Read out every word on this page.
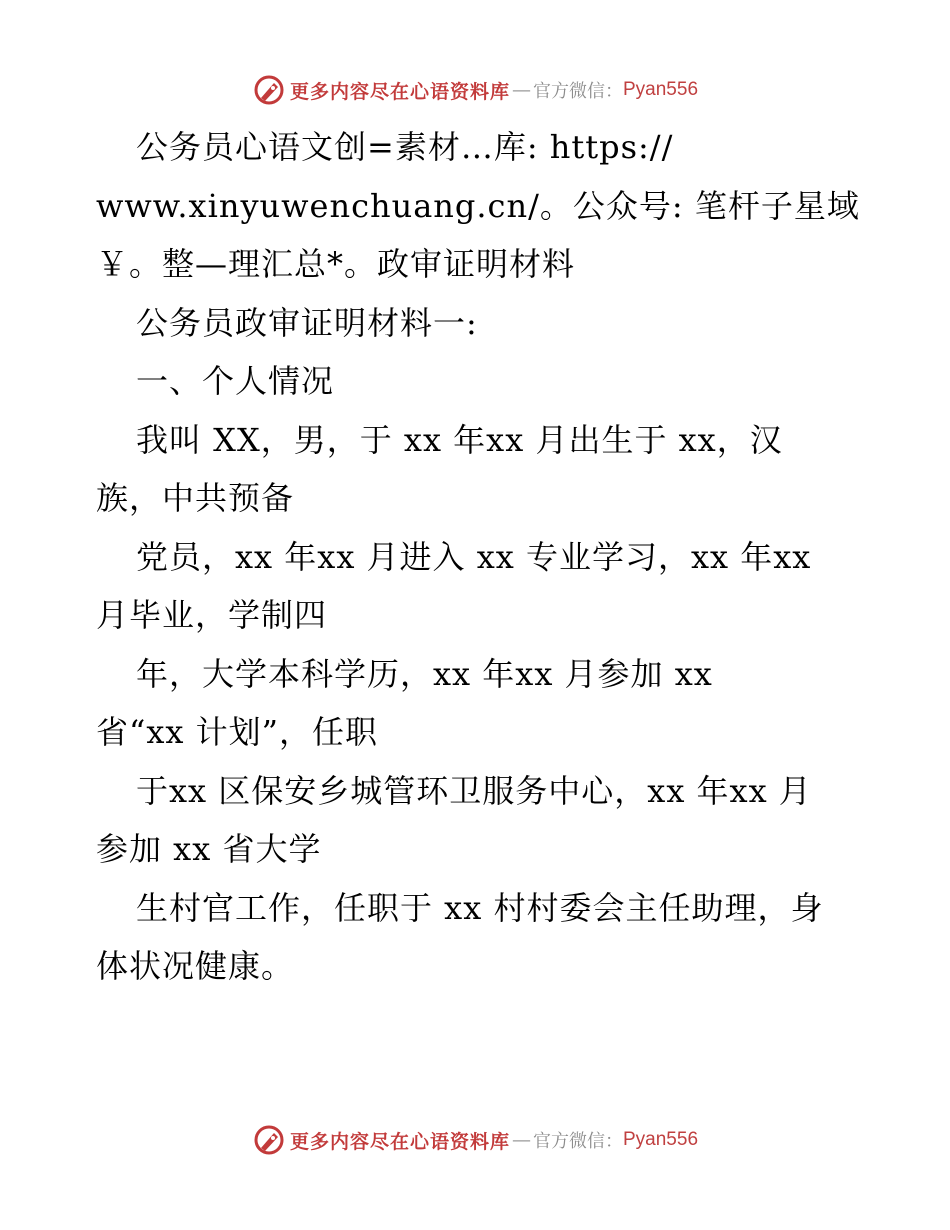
更多内容尽在心语资料库 — 官方微信： Pyan556
公务员心语文创=素材…库: https://
www.xinyuwenchuang.cn/。公众号: 笔杆子星域
￥。整—理汇总*。政审证明材料
公务员政审证明材料一:
一、个人情况
我叫 XX，男，于 xx 年xx 月出生于 xx，汉
族，中共预备
党员，xx 年xx 月进入 xx 专业学习，xx 年xx
月毕业，学制四
年，大学本科学历，xx 年xx 月参加 xx
省“xx 计划”，任职
于xx 区保安乡城管环卫服务中心，xx 年xx 月
参加 xx 省大学
生村官工作，任职于 xx 村村委会主任助理，身
体状况健康。
更多内容尽在心语资料库 — 官方微信： Pyan556
